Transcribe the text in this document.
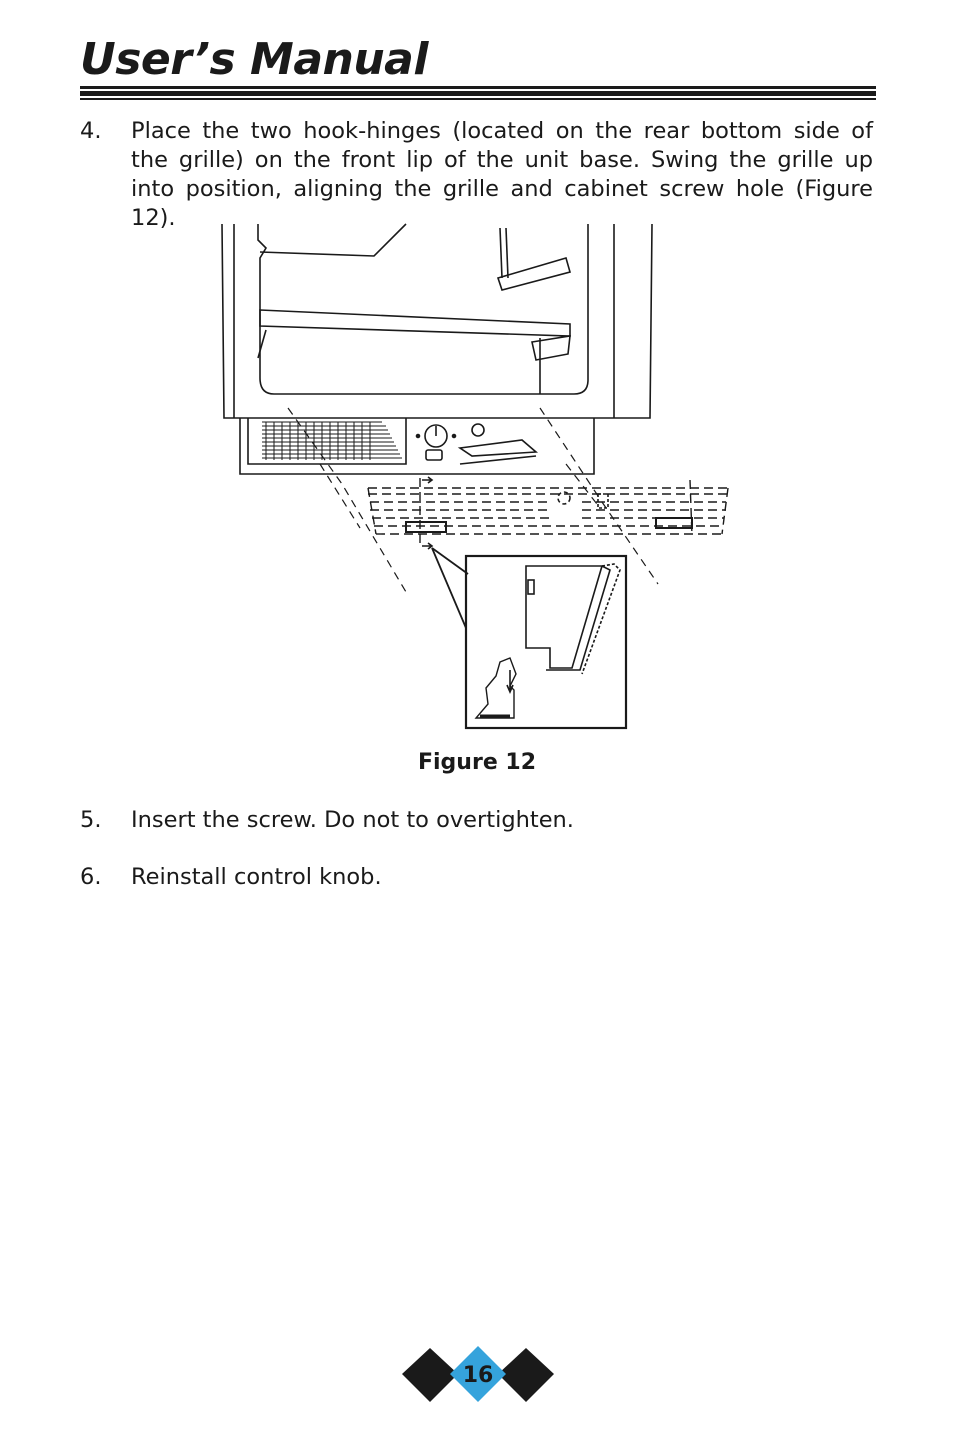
User’s Manual
4. Place the two hook-hinges (located on the rear bottom side of the grille) on the front lip of the unit base. Swing the grille up into position, aligning the grille and cabinet screw hole (Figure 12).
Figure 12
5. Insert the screw. Do not to overtighten.
6. Reinstall control knob.
16
